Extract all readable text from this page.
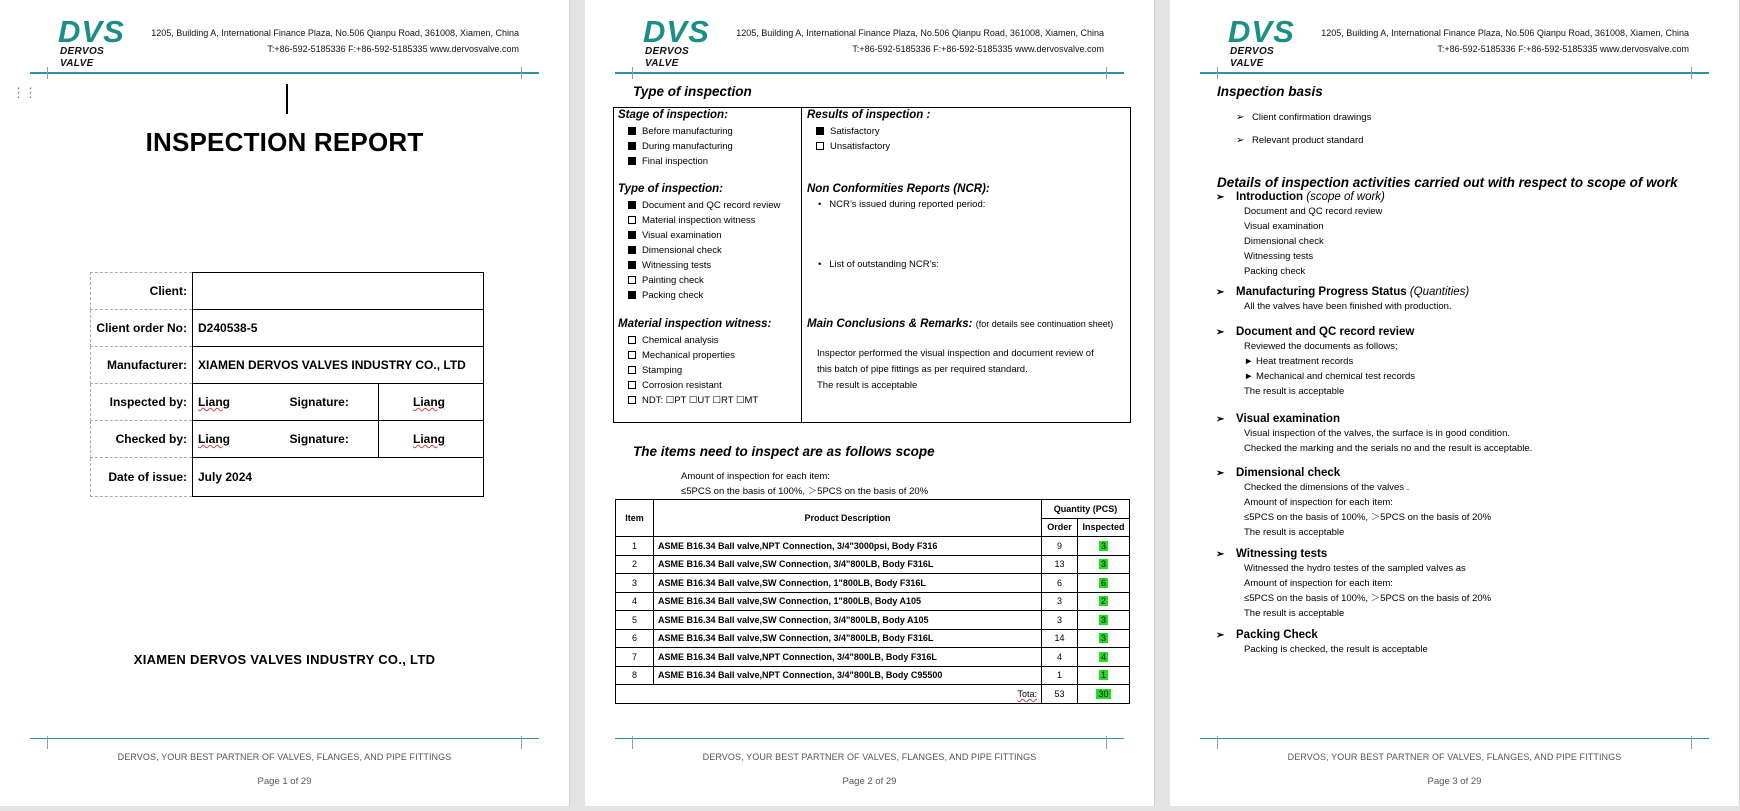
DVS
DERVOS VALVE
1205, Building A, International Finance Plaza, No.506 Qianpu Road, 361008, Xiamen, China
T:+86-592-5185336 F:+86-592-5185335 www.dervosvalve.com
⋮⋮
INSPECTION REPORT
Client:			
Client order No:	D240538-5		
Manufacturer:	XIAMEN DERVOS VALVES INDUSTRY CO., LTD		
Inspected by:	Liang	Signature:	Liang
Checked by:	Liang	Signature:	Liang
Date of issue:	July 2024		
XIAMEN DERVOS VALVES INDUSTRY CO., LTD
DERVOS, YOUR BEST PARTNER OF VALVES, FLANGES, AND PIPE FITTINGS
Page 1 of 29
DVS
DERVOS VALVE
1205, Building A, International Finance Plaza, No.506 Qianpu Road, 361008, Xiamen, China
T:+86-592-5185336 F:+86-592-5185335 www.dervosvalve.com
Type of inspection
Stage of inspection:
Before manufacturing
During manufacturing
Final inspection
Results of inspection :
Satisfactory
Unsatisfactory
Type of inspection:
Document and QC record review
Material inspection witness
Visual examination
Dimensional check
Witnessing tests
Painting check
Packing check
Non Conformities Reports (NCR):
•   NCR’s issued during reported period:
•   List of outstanding NCR’s:
Material inspection witness:
Chemical analysis
Mechanical properties
Stamping
Corrosion resistant
NDT: ☐PT ☐UT ☐RT ☐MT
Main Conclusions & Remarks: (for details see continuation sheet)
Inspector performed the visual inspection and document review of
this batch of pipe fittings as per required standard.
The result is acceptable
The items need to inspect are as follows scope
Amount of inspection for each item:
≤5PCS on the basis of 100%, ＞5PCS on the basis of 20%
Item	Product Description	Quantity (PCS)	
		Order	Inspected
1	ASME B16.34 Ball valve,NPT Connection, 3/4"3000psi, Body F316	9	3
2	ASME B16.34 Ball valve,SW Connection, 3/4"800LB, Body F316L	13	3
3	ASME B16.34 Ball valve,SW Connection, 1"800LB, Body F316L	6	6
4	ASME B16.34 Ball valve,SW Connection, 1"800LB, Body A105	3	2
5	ASME B16.34 Ball valve,SW Connection, 3/4"800LB, Body A105	3	3
6	ASME B16.34 Ball valve,SW Connection, 3/4"800LB, Body F316L	14	3
7	ASME B16.34 Ball valve,NPT Connection, 3/4"800LB, Body F316L	4	4
8	ASME B16.34 Ball valve,NPT Connection, 3/4"800LB, Body C95500	1	1
Tota:		53	30
DERVOS, YOUR BEST PARTNER OF VALVES, FLANGES, AND PIPE FITTINGS
Page 2 of 29
DVS
DERVOS VALVE
1205, Building A, International Finance Plaza, No.506 Qianpu Road, 361008, Xiamen, China
T:+86-592-5185336 F:+86-592-5185335 www.dervosvalve.com
Inspection basis
➢ Client confirmation drawings
➢ Relevant product standard
Details of inspection activities carried out with respect to scope of work
➢	Introduction (scope of work)
Document and QC record review
Visual examination
Dimensional check
Witnessing tests
Packing check
➢	Manufacturing Progress Status (Quantities)
All the valves have been finished with production.
➢	Document and QC record review
Reviewed the documents as follows;
► Heat treatment records
► Mechanical and chemical test records
The result is acceptable
➢	Visual examination
Visual inspection of the valves, the surface is in good condition.
Checked the marking and the serials no and the result is acceptable.
➢	Dimensional check
Checked the dimensions of the valves .
Amount of inspection for each item:
≤5PCS on the basis of 100%, ＞5PCS on the basis of 20%
The result is acceptable
➢	Witnessing tests
Witnessed the hydro testes of the sampled valves as
Amount of inspection for each item:
≤5PCS on the basis of 100%, ＞5PCS on the basis of 20%
The result is acceptable
➢	Packing Check
Packing is checked, the result is acceptable
DERVOS, YOUR BEST PARTNER OF VALVES, FLANGES, AND PIPE FITTINGS
Page 3 of 29
